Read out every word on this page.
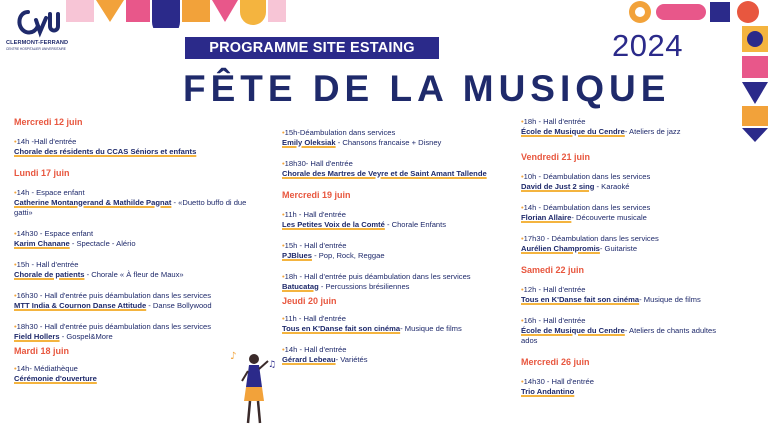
CLERMONT-FERRAND
CENTRE HOSPITALIER UNIVERSITAIRE	PROGRAMME SITE ESTAING	2024
FÊTE DE LA MUSIQUE
Mercredi 12 juin
•14h -Hall d'entrée
Chorale des résidents du CCAS Séniors et enfants
Lundi 17 juin
•14h - Espace enfant
Catherine Montangerand & Mathilde Pagnat - «Duetto buffo di due gatti»
•14h30 - Espace enfant
Karim Chanane - Spectacle - Alério
•15h - Hall d'entrée
Chorale de patients - Chorale « À fleur de Maux»
•16h30 - Hall d'entrée puis déambulation dans les services
MTT India & Cournon Danse Attitude - Danse Bollywood
•18h30 - Hall d'entrée puis déambulation dans les services
Field Hollers - Gospel&More
Mardi 18 juin
•14h- Médiathèque
Cérémonie d'ouverture
•15h-Déambulation dans services
Emily Oleksiak - Chansons francaise + Disney
•18h30- Hall d'entrée
Chorale des Martres de Veyre et de Saint Amant Tallende
Mercredi 19 juin
•11h - Hall d'entrée
Les Petites Voix de la Comté - Chorale Enfants
•15h - Hall d'entrée
PJBlues - Pop, Rock, Reggae
•18h - Hall d'entrée puis déambulation dans les services
Batucatag - Percussions brésiliennes
Jeudi 20 juin
•11h - Hall d'entrée
Tous en K'Danse fait son cinéma- Musique de films
•14h - Hall d'entrée
Gérard Lebeau- Variétés
♪
♫
•18h - Hall d'entrée
École de Musique du Cendre- Ateliers de jazz
Vendredi 21 juin
•10h - Déambulation dans les services
David de Just 2 sing - Karaoké
•14h - Déambulation dans les services
Florian Allaire- Découverte musicale
•17h30 - Déambulation dans les services
Aurélien Champromis- Guitariste
Samedi 22 juin
•12h - Hall d'entrée
Tous en K'Danse fait son cinéma- Musique de films
•16h - Hall d'entrée
École de Musique du Cendre- Ateliers de chants adultes ados
Mercredi 26 juin
•14h30 - Hall d'entrée
Trio Andantino
